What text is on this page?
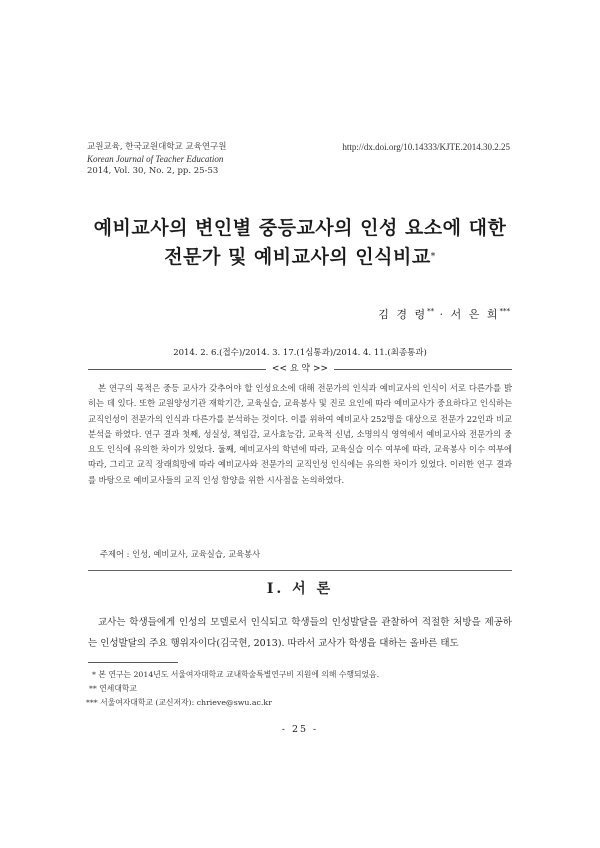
교원교육, 한국교원대학교 교육연구원
Korean Journal of Teacher Education
2014, Vol. 30, No. 2, pp. 25-53
http://dx.doi.org/10.14333/KJTE.2014.30.2.25
예비교사의 변인별 중등교사의 인성 요소에 대한
전문가 및 예비교사의 인식비교*
김 경 령** · 서 은 희***
2014. 2. 6.(접수)/2014. 3. 17.(1심통과)/2014. 4. 11.(최종통과)
<< 요 약 >>
본 연구의 목적은 중등 교사가 갖추어야 할 인성요소에 대해 전문가의 인식과 예비교사의 인식이 서로 다른가를 밝히는 데 있다. 또한 교원양성기관 재학기간, 교육실습, 교육봉사 및 진로 요인에 따라 예비교사가 중요하다고 인식하는 교직인성이 전문가의 인식과 다른가를 분석하는 것이다. 이를 위하여 예비교사 252명을 대상으로 전문가 22인과 비교 분석을 하였다. 연구 결과 첫째, 성실성, 책임감, 교사효능감, 교육적 신념, 소명의식 영역에서 예비교사와 전문가의 중요도 인식에 유의한 차이가 있었다. 둘째, 예비교사의 학년에 따라, 교육실습 이수 여부에 따라, 교육봉사 이수 여부에 따라, 그리고 교직 장래희망에 따라 예비교사와 전문가의 교직인성 인식에는 유의한 차이가 있었다. 이러한 연구 결과를 바탕으로 예비교사들의 교직 인성 함양을 위한 시사점을 논의하였다.
주제어 : 인성, 예비교사, 교육실습, 교육봉사
Ⅰ. 서 론
교사는 학생들에게 인성의 모델로서 인식되고 학생들의 인성발달을 관찰하여 적절한 처방을 제공하는 인성발달의 주요 행위자이다(김국현, 2013). 따라서 교사가 학생을 대하는 올바른 태도
* 본 연구는 2014년도 서울여자대학교 교내학술특별연구비 지원에 의해 수행되었음.
** 연세대학교
*** 서울여자대학교 (교신저자): chrieve@swu.ac.kr
- 25 -
